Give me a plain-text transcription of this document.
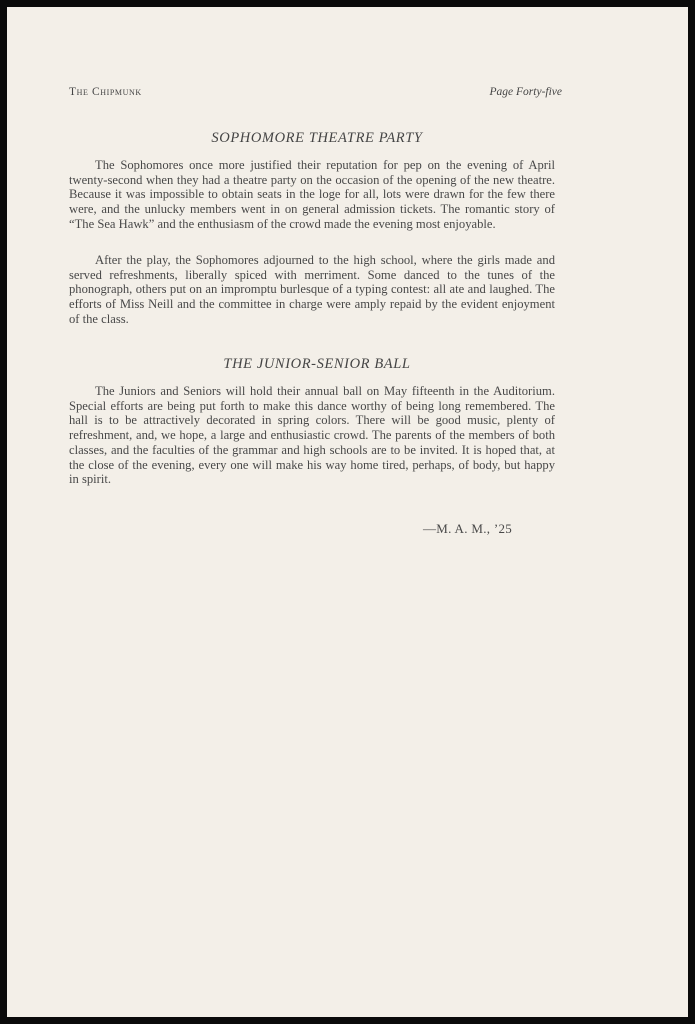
The Chipmunk	Page Forty-five
SOPHOMORE THEATRE PARTY

The Sophomores once more justified their reputation for pep on the evening of April twenty-second when they had a theatre party on the occasion of the opening of the new theatre. Because it was impossible to obtain seats in the loge for all, lots were drawn for the few there were, and the unlucky members went in on general admission tickets. The romantic story of “The Sea Hawk” and the enthusiasm of the crowd made the evening most enjoyable.

After the play, the Sophomores adjourned to the high school, where the girls made and served refreshments, liberally spiced with merriment. Some danced to the tunes of the phonograph, others put on an impromptu burlesque of a typing contest: all ate and laughed. The efforts of Miss Neill and the committee in charge were amply repaid by the evident enjoyment of the class.

THE JUNIOR-SENIOR BALL

The Juniors and Seniors will hold their annual ball on May fifteenth in the Auditorium. Special efforts are being put forth to make this dance worthy of being long remembered. The hall is to be attractively decorated in spring colors. There will be good music, plenty of refreshment, and, we hope, a large and enthusiastic crowd. The parents of the members of both classes, and the faculties of the grammar and high schools are to be invited. It is hoped that, at the close of the evening, every one will make his way home tired, perhaps, of body, but happy in spirit.

—M. A. M., ’25
